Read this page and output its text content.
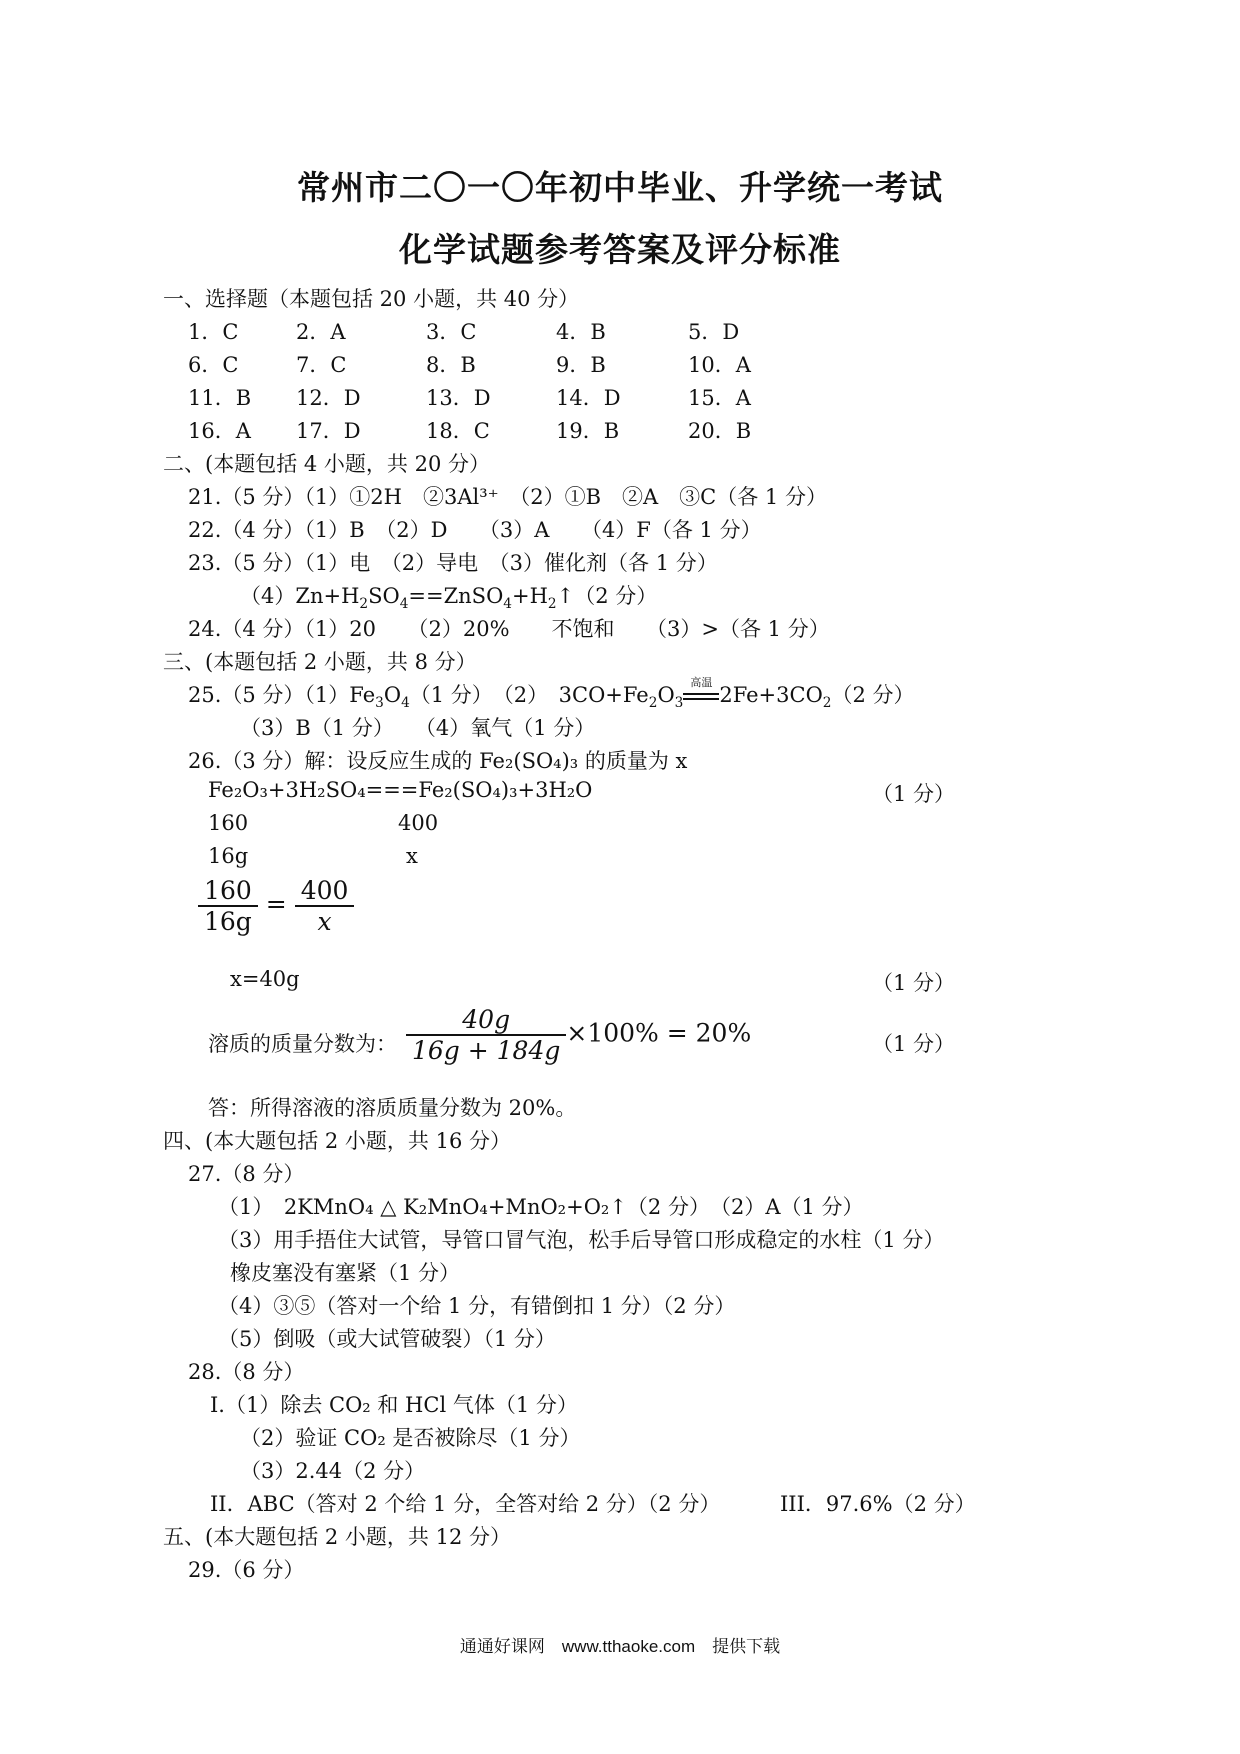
常州市二〇一〇年初中毕业、升学统一考试
化学试题参考答案及评分标准
一、选择题（本题包括 20 小题，共 40 分）
1．C	2．A	3．C	4．B	5．D
6．C	7．C	8．B	9．B	10．A
11．B 12．D	13．D	14．D	15．A
16．A 17．D	18．C	19．B	20．B
二、(本题包括 4 小题，共 20 分）
21.（5 分）（1）①2H　②3Al³⁺　（2）①B　②A　③C（各 1 分）
22.（4 分）（1）B　（2）D　　（3）A　　（4）F（各 1 分）
23.（5 分）（1）电　（2）导电　（3）催化剂（各 1 分）
$(4)Zn+H_2SO_4==ZnSO_4+H_2↑(2$ 分）
24.（4 分）（1）20　　（2）20%　　不饱和　　（3）>（各 1 分）
三、(本题包括 2 小题，共 8 分）
25.（5 分）$(1)Fe_3O_4(1$ 分）　（2）　$3CO+Fe_2O_3$
高温
$2Fe+3CO_2(2$ 分）
（3）B（1 分）　　（4）氧气（1 分）
26.（3 分）解：设反应生成的 Fe₂(SO₄)₃ 的质量为 x
Fe₂O₃+3H₂SO₄===Fe₂(SO₄)₃+3H₂O	（1 分）
160	400
16g	x
$\frac{160}{16g} = \frac{400}{x}$
x=40g	（1 分）
溶质的质量分数为： $\frac{40g}{16g + 184g} \times 100\% = 20\%$	（1 分）
答：所得溶液的溶质质量分数为 20%。
四、(本大题包括 2 小题，共 16 分）
27.（8 分）
（1）　2KMnO₄ △ K₂MnO₄+MnO₂+O₂↑（2 分）　（2）A（1 分）
（3）用手捂住大试管，导管口冒气泡，松手后导管口形成稳定的水柱（1 分）
橡皮塞没有塞紧（1 分）
（4）③⑤（答对一个给 1 分，有错倒扣 1 分）（2 分）
（5）倒吸（或大试管破裂）（1 分）
28.（8 分）
I.（1）除去 CO₂ 和 HCl 气体（1 分）
（2）验证 CO₂ 是否被除尽（1 分）
（3）2.44（2 分）
II．ABC（答对 2 个给 1 分，全答对给 2 分）（2 分）	III．97.6%（2 分）
五、(本大题包括 2 小题，共 12 分）
29.（6 分）
通通好课网　www.tthaoke.com　提供下载
